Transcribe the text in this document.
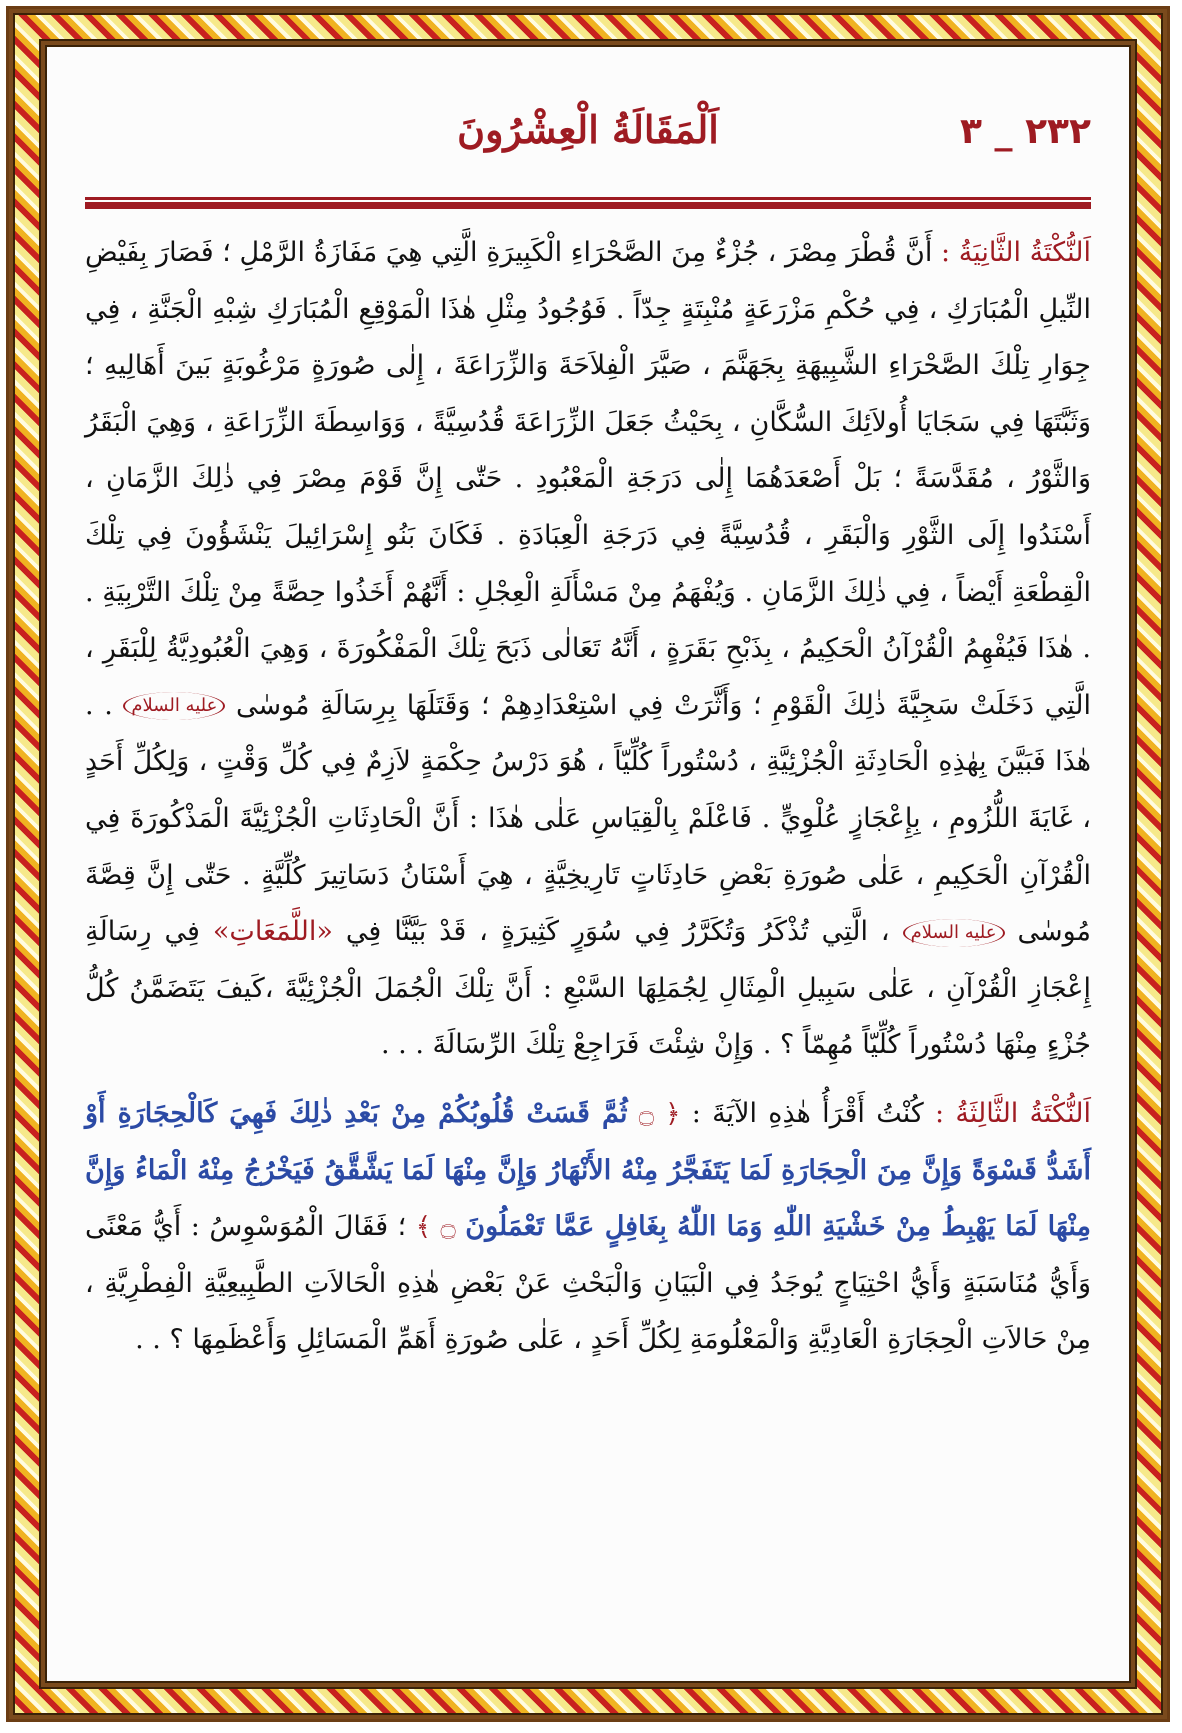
٢٣٢ _ ٣
اَلْمَقَالَةُ الْعِشْرُونَ

اَلنُّكْتَةُ الثَّانِيَةُ : أَنَّ قُطْرَ مِصْرَ ، جُزْءٌ مِنَ الصَّحْرَاءِ الْكَبِيرَةِ الَّتِي هِيَ مَفَازَةُ الرَّمْلِ ؛ فَصَارَ بِفَيْضِ النِّيلِ الْمُبَارَكِ ، فِي حُكْمِ مَزْرَعَةٍ مُنْبِتَةٍ جِدّاً . فَوُجُودُ مِثْلِ هٰذَا الْمَوْقِعِ الْمُبَارَكِ شِبْهِ الْجَنَّةِ ، فِي جِوَارِ تِلْكَ الصَّحْرَاءِ الشَّبِيهَةِ بِجَهَنَّمَ ، صَيَّرَ الْفِلاَحَةَ وَالزِّرَاعَةَ ، إِلٰى صُورَةٍ مَرْغُوبَةٍ بَينَ أَهَالِيهِ ؛ وَثَبَّتَهَا فِي سَجَايَا أُولاَئِكَ السُّكَّانِ ، بِحَيْثُ جَعَلَ الزِّرَاعَةَ قُدُسِيَّةً ، وَوَاسِطَةَ الزِّرَاعَةِ ، وَهِيَ الْبَقَرُ وَالثَّوْرُ ، مُقَدَّسَةً ؛ بَلْ أَصْعَدَهُمَا إِلٰى دَرَجَةِ الْمَعْبُودِ . حَتّٰى إِنَّ قَوْمَ مِصْرَ فِي ذٰلِكَ الزَّمَانِ ، أَسْنَدُوا إِلَى الثَّوْرِ وَالْبَقَرِ ، قُدُسِيَّةً فِي دَرَجَةِ الْعِبَادَةِ . فَكَانَ بَنُو إِسْرَائِيلَ يَنْشَؤُونَ فِي تِلْكَ الْقِطْعَةِ أَيْضاً ، فِي ذٰلِكَ الزَّمَانِ . وَيُفْهَمُ مِنْ مَسْأَلَةِ الْعِجْلِ : أَنَّهُمْ أَخَذُوا حِصَّةً مِنْ تِلْكَ التَّرْبِيَةِ . . هٰذَا فَيُفْهِمُ الْقُرْآنُ الْحَكِيمُ ، بِذَبْحِ بَقَرَةٍ ، أَنَّهُ تَعَالٰى ذَبَحَ تِلْكَ الْمَفْكُورَةَ ، وَهِيَ الْعُبُودِيَّةُ لِلْبَقَرِ ، الَّتِي دَخَلَتْ سَجِيَّةَ ذٰلِكَ الْقَوْمِ ؛ وَأَثَّرَتْ فِي اسْتِعْدَادِهِمْ ؛ وَقَتَلَهَا بِرِسَالَةِ مُوسٰى عليه السلام . . هٰذَا فَبَيَّنَ بِهٰذِهِ الْحَادِثَةِ الْجُزْئِيَّةِ ، دُسْتُوراً كُلِّيّاً ، هُوَ دَرْسُ حِكْمَةٍ لاَزِمٌ فِي كُلِّ وَقْتٍ ، وَلِكُلِّ أَحَدٍ ، غَايَةَ اللُّزُومِ ، بِإِعْجَازٍ عُلْوِيٍّ . فَاعْلَمْ بِالْقِيَاسِ عَلٰى هٰذَا : أَنَّ الْحَادِثَاتِ الْجُزْئِيَّةَ الْمَذْكُورَةَ فِي الْقُرْآنِ الْحَكِيمِ ، عَلٰى صُورَةِ بَعْضِ حَادِثَاتٍ تَارِيخِيَّةٍ ، هِيَ أَسْنَانُ دَسَاتِيرَ كُلِّيَّةٍ . حَتّٰى إِنَّ قِصَّةَ مُوسٰى عليه السلام ، الَّتِي تُذْكَرُ وَتُكَرَّرُ فِي سُوَرٍ كَثِيرَةٍ ، قَدْ بَيَّنَّا فِي «اللَّمَعَاتِ» فِي رِسَالَةِ إِعْجَازِ الْقُرْآنِ ، عَلٰى سَبِيلِ الْمِثَالِ لِجُمَلِهَا السَّبْعِ : أَنَّ تِلْكَ الْجُمَلَ الْجُزْئِيَّةَ ،كَيفَ يَتَضَمَّنُ كُلُّ جُزْءٍ مِنْهَا دُسْتُوراً كُلِّيّاً مُهِمّاً ؟ . وَإِنْ شِئْتَ فَرَاجِعْ تِلْكَ الرِّسَالَةَ . . .

اَلنُّكْتَةُ الثَّالِثَةُ : كُنْتُ أَقْرَأُ هٰذِهِ الآيَةَ : ﴿ ۝ ثُمَّ قَسَتْ قُلُوبُكُمْ مِنْ بَعْدِ ذٰلِكَ فَهِيَ كَالْحِجَارَةِ أَوْ أَشَدُّ قَسْوَةً وَإِنَّ مِنَ الْحِجَارَةِ لَمَا يَتَفَجَّرُ مِنْهُ الأَنْهَارُ وَإِنَّ مِنْهَا لَمَا يَشَّقَّقُ فَيَخْرُجُ مِنْهُ الْمَاءُ وَإِنَّ مِنْهَا لَمَا يَهْبِطُ مِنْ خَشْيَةِ اللّٰهِ وَمَا اللّٰهُ بِغَافِلٍ عَمَّا تَعْمَلُونَ ۝ ﴾ ؛ فَقَالَ الْمُوَسْوِسُ : أَيُّ مَعْنًى وَأَيُّ مُنَاسَبَةٍ وَأَيُّ احْتِيَاجٍ يُوجَدُ فِي الْبَيَانِ وَالْبَحْثِ عَنْ بَعْضِ هٰذِهِ الْحَالاَتِ الطَّبِيعِيَّةِ الْفِطْرِيَّةِ ، مِنْ حَالاَتِ الْحِجَارَةِ الْعَادِيَّةِ وَالْمَعْلُومَةِ لِكُلِّ أَحَدٍ ، عَلٰى صُورَةِ أَهَمِّ الْمَسَائِلِ وَأَعْظَمِهَا ؟ . .
